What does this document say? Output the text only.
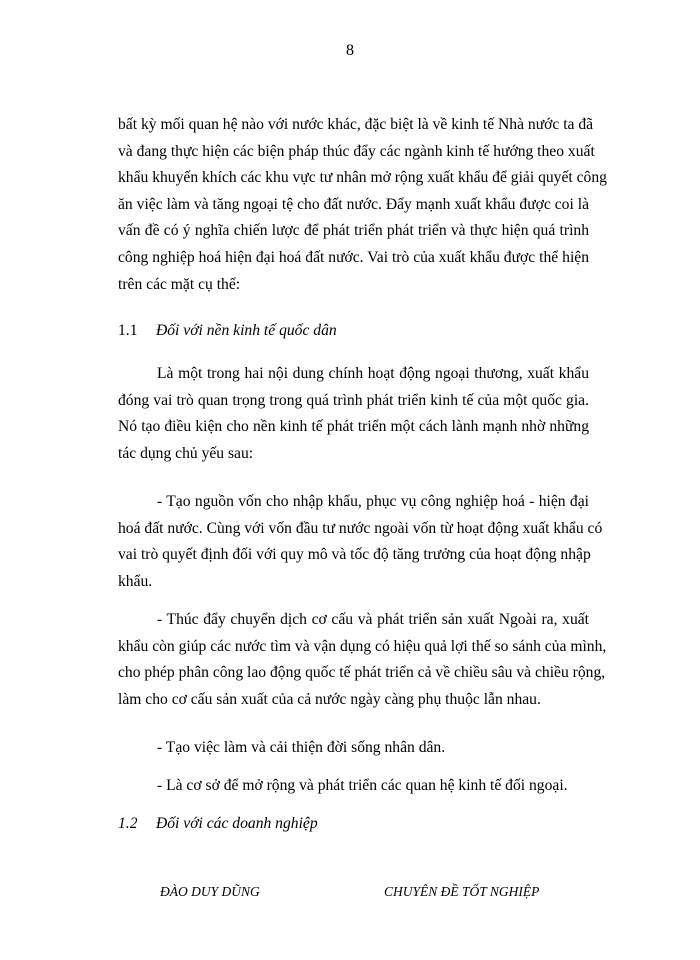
8
bất kỳ mối quan hệ nào với nước khác, đặc biệt là về kinh tế Nhà nước ta đã
và đang thực hiện các biện pháp thúc đẩy các ngành kinh tế hướng theo xuất
khẩu khuyến khích các khu vực tư nhân mở rộng xuất khẩu để giải quyết công
ăn việc làm và tăng ngoại tệ cho đất nước. Đẩy mạnh xuất khẩu được coi là
vấn đề có ý nghĩa chiến lược để phát triển phát triển và thực hiện quá trình
công nghiệp hoá hiện đại hoá đất nước. Vai trò của xuất khẩu được thể hiện
trên các mặt cụ thể:
1.1 Đối với nền kinh tế quốc dân
Là một trong hai nội dung chính hoạt động ngoại thương, xuất khẩu
đóng vai trò quan trọng trong quá trình phát triển kinh tế của một quốc gia.
Nó tạo điều kiện cho nền kinh tế phát triển một cách lành mạnh nhờ những
tác dụng chủ yếu sau:
- Tạo nguồn vốn cho nhập khẩu, phục vụ công nghiệp hoá - hiện đại
hoá đất nước. Cùng với vốn đầu tư nước ngoài vốn từ hoạt động xuất khẩu có
vai trò quyết định đối với quy mô và tốc độ tăng trưởng của hoạt động nhập
khẩu.
- Thúc đẩy chuyển dịch cơ cấu và phát triển sản xuất Ngoài ra, xuất
khẩu còn giúp các nước tìm và vận dụng có hiệu quả lợi thế so sánh của mình,
cho phép phân công lao động quốc tế phát triển cả về chiều sâu và chiều rộng,
làm cho cơ cấu sản xuất của cả nước ngày càng phụ thuộc lẫn nhau.
- Tạo việc làm và cải thiện đời sống nhân dân.
- Là cơ sở để mở rộng và phát triển các quan hệ kinh tế đối ngoại.
1.2 Đối với các doanh nghiệp
ĐÀO DUY DŨNG	CHUYÊN ĐỀ TỐT NGHIỆP
